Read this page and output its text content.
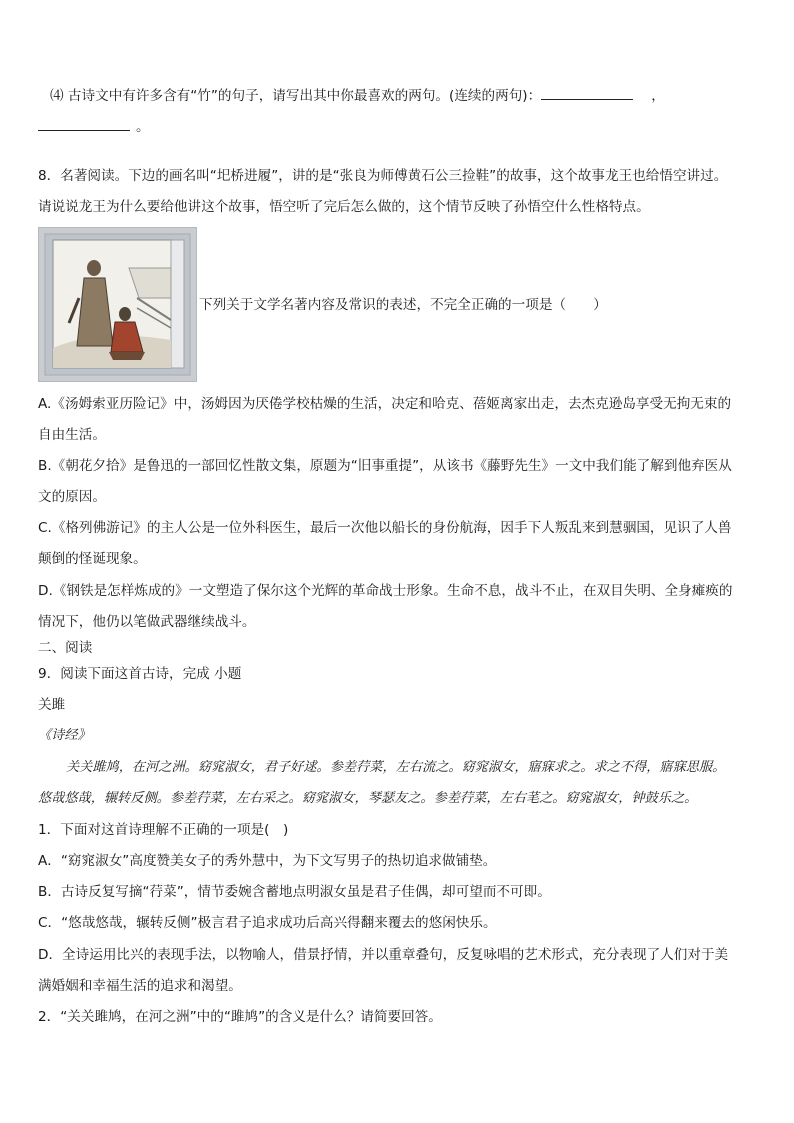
⑷ 古诗文中有许多含有“竹”的句子，请写出其中你最喜欢的两句。(连续的两句)：	，
。
8．名著阅读。下边的画名叫“圯桥进履”，讲的是“张良为师傅黄石公三捡鞋”的故事，这个故事龙王也给悟空讲过。
请说说龙王为什么要给他讲这个故事，悟空听了完后怎么做的，这个情节反映了孙悟空什么性格特点。
下列关于文学名著内容及常识的表述，不完全正确的一项是（　　）
A.《汤姆索亚历险记》中，汤姆因为厌倦学校枯燥的生活，决定和哈克、蓓姬离家出走，去杰克逊岛享受无拘无束的
自由生活。
B.《朝花夕拾》是鲁迅的一部回忆性散文集，原题为“旧事重提”，从该书《藤野先生》一文中我们能了解到他弃医从
文的原因。
C.《格列佛游记》的主人公是一位外科医生，最后一次他以船长的身份航海，因手下人叛乱来到慧骃国，见识了人兽
颠倒的怪诞现象。
D.《钢铁是怎样炼成的》一文塑造了保尔这个光辉的革命战士形象。生命不息，战斗不止，在双目失明、全身瘫痪的
情况下，他仍以笔做武器继续战斗。
二、阅读
9．阅读下面这首古诗，完成 小题
关雎
《诗经》
关关雎鸠，在河之洲。窈窕淑女，君子好逑。参差荇菜，左右流之。窈窕淑女，寤寐求之。求之不得，寤寐思服。
悠哉悠哉，辗转反侧。参差荇菜，左右采之。窈窕淑女，琴瑟友之。参差荇菜，左右芼之。窈窕淑女，钟鼓乐之。
1．下面对这首诗理解不正确的一项是(　)
A．“窈窕淑女”高度赞美女子的秀外慧中，为下文写男子的热切追求做铺垫。
B．古诗反复写摘“荇菜”，情节委婉含蓄地点明淑女虽是君子佳偶，却可望而不可即。
C．“悠哉悠哉，辗转反侧”极言君子追求成功后高兴得翻来覆去的悠闲快乐。
D．全诗运用比兴的表现手法，以物喻人，借景抒情，并以重章叠句，反复咏唱的艺术形式，充分表现了人们对于美
满婚姻和幸福生活的追求和渴望。
2．“关关雎鸠，在河之洲”中的“雎鸠”的含义是什么？请简要回答。
